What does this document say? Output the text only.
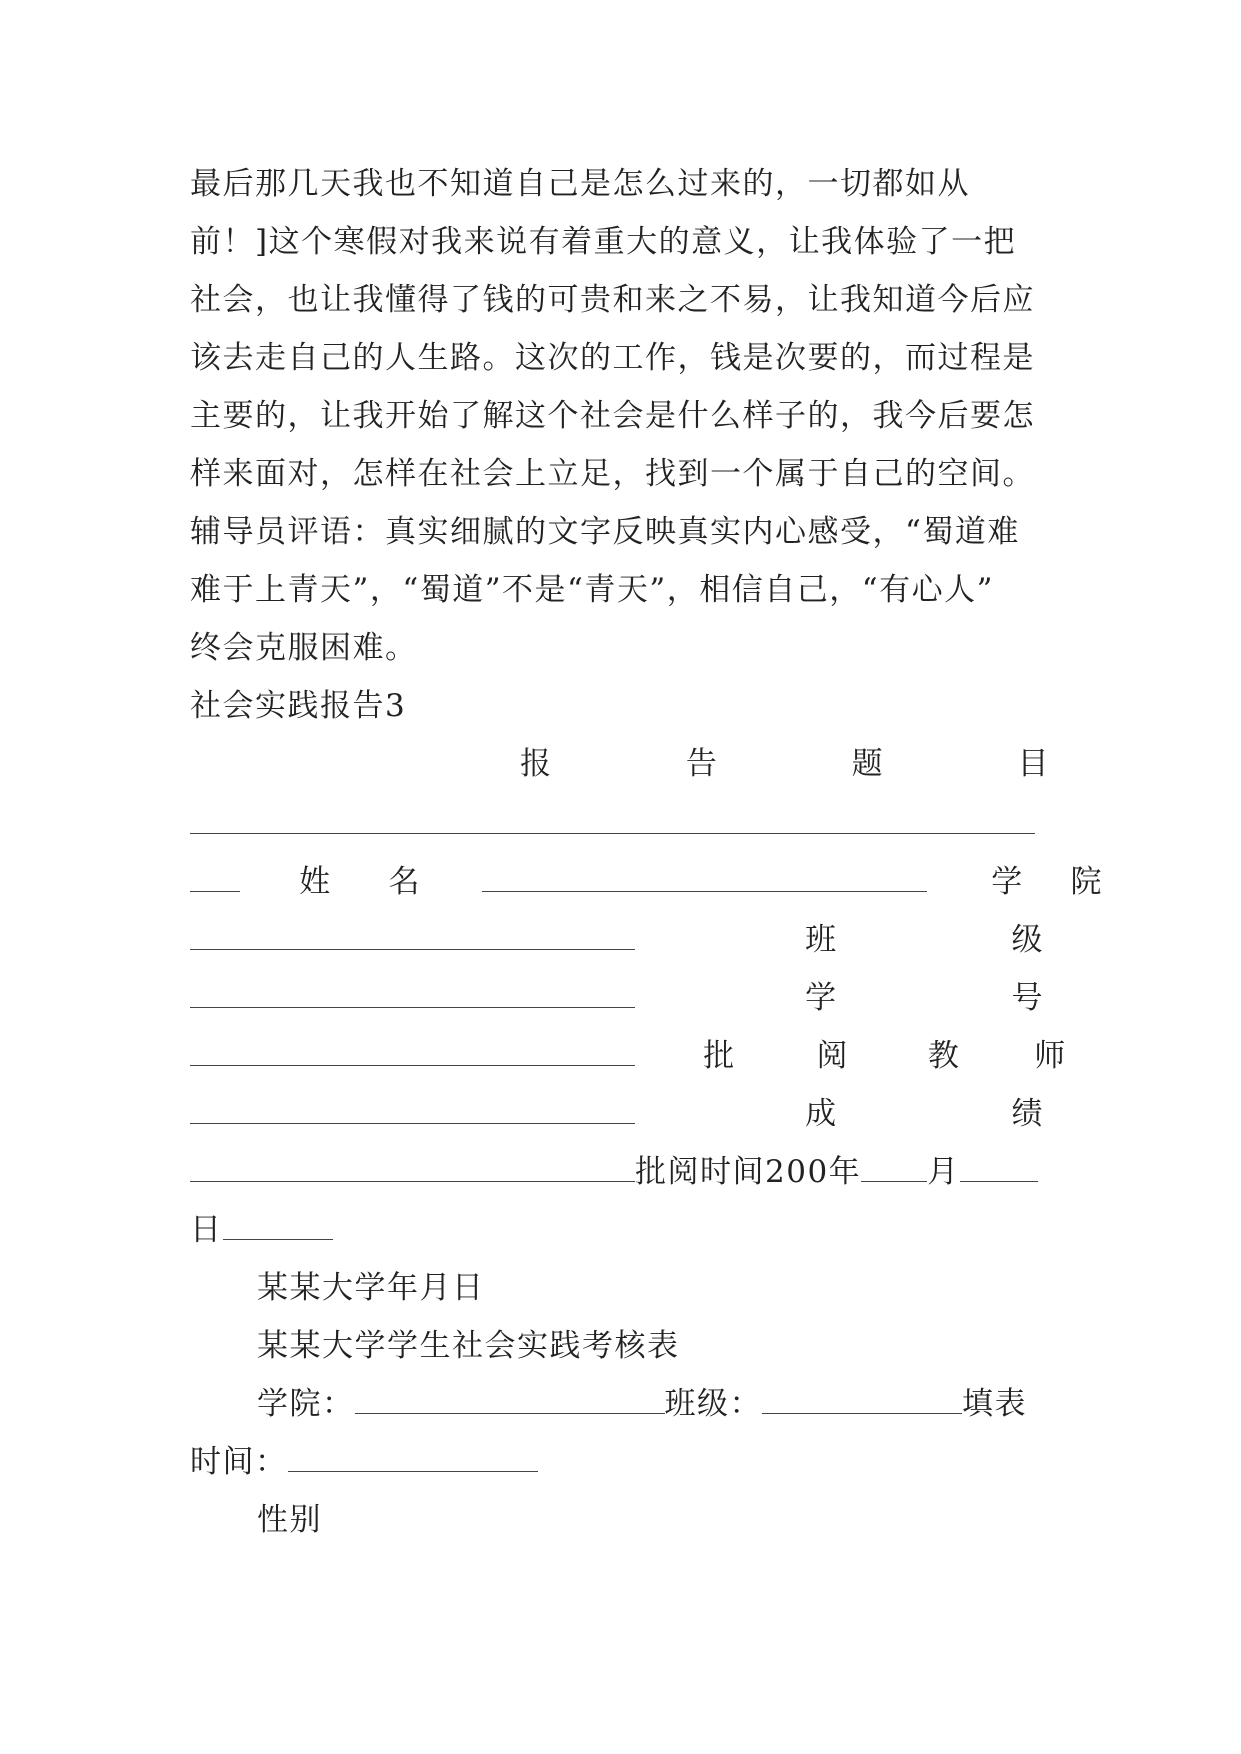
最后那几天我也不知道自己是怎么过来的，一切都如从
前！]这个寒假对我来说有着重大的意义，让我体验了一把
社会，也让我懂得了钱的可贵和来之不易，让我知道今后应
该去走自己的人生路。这次的工作，钱是次要的，而过程是
主要的，让我开始了解这个社会是什么样子的，我今后要怎
样来面对，怎样在社会上立足，找到一个属于自己的空间。
辅导员评语：真实细腻的文字反映真实内心感受，“蜀道难
难于上青天”，“蜀道”不是“青天”，相信自己，“有心人”
终会克服困难。
社会实践报告3
报	告	题	目
姓 名	学 院
班	级
学	号
批	阅	教 师
成	绩
批阅时间200年 月
日
某某大学年月日
某某大学学生社会实践考核表
学院：	班级：	填表
时间：
性别
